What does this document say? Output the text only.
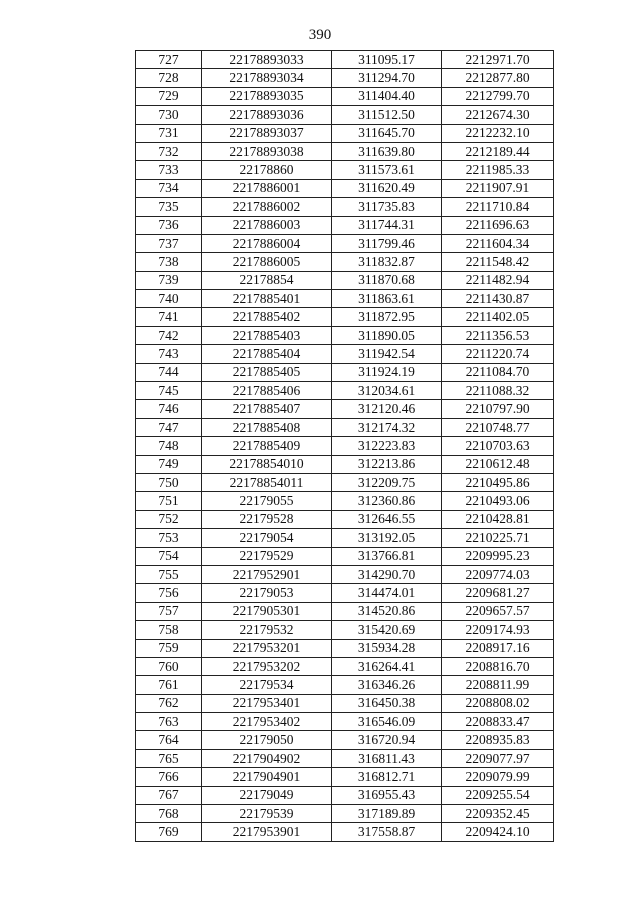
390
727	22178893033	311095.17	2212971.70
728	22178893034	311294.70	2212877.80
729	22178893035	311404.40	2212799.70
730	22178893036	311512.50	2212674.30
731	22178893037	311645.70	2212232.10
732	22178893038	311639.80	2212189.44
733	22178860	311573.61	2211985.33
734	2217886001	311620.49	2211907.91
735	2217886002	311735.83	2211710.84
736	2217886003	311744.31	2211696.63
737	2217886004	311799.46	2211604.34
738	2217886005	311832.87	2211548.42
739	22178854	311870.68	2211482.94
740	2217885401	311863.61	2211430.87
741	2217885402	311872.95	2211402.05
742	2217885403	311890.05	2211356.53
743	2217885404	311942.54	2211220.74
744	2217885405	311924.19	2211084.70
745	2217885406	312034.61	2211088.32
746	2217885407	312120.46	2210797.90
747	2217885408	312174.32	2210748.77
748	2217885409	312223.83	2210703.63
749	22178854010	312213.86	2210612.48
750	22178854011	312209.75	2210495.86
751	22179055	312360.86	2210493.06
752	22179528	312646.55	2210428.81
753	22179054	313192.05	2210225.71
754	22179529	313766.81	2209995.23
755	2217952901	314290.70	2209774.03
756	22179053	314474.01	2209681.27
757	2217905301	314520.86	2209657.57
758	22179532	315420.69	2209174.93
759	2217953201	315934.28	2208917.16
760	2217953202	316264.41	2208816.70
761	22179534	316346.26	2208811.99
762	2217953401	316450.38	2208808.02
763	2217953402	316546.09	2208833.47
764	22179050	316720.94	2208935.83
765	2217904902	316811.43	2209077.97
766	2217904901	316812.71	2209079.99
767	22179049	316955.43	2209255.54
768	22179539	317189.89	2209352.45
769	2217953901	317558.87	2209424.10
